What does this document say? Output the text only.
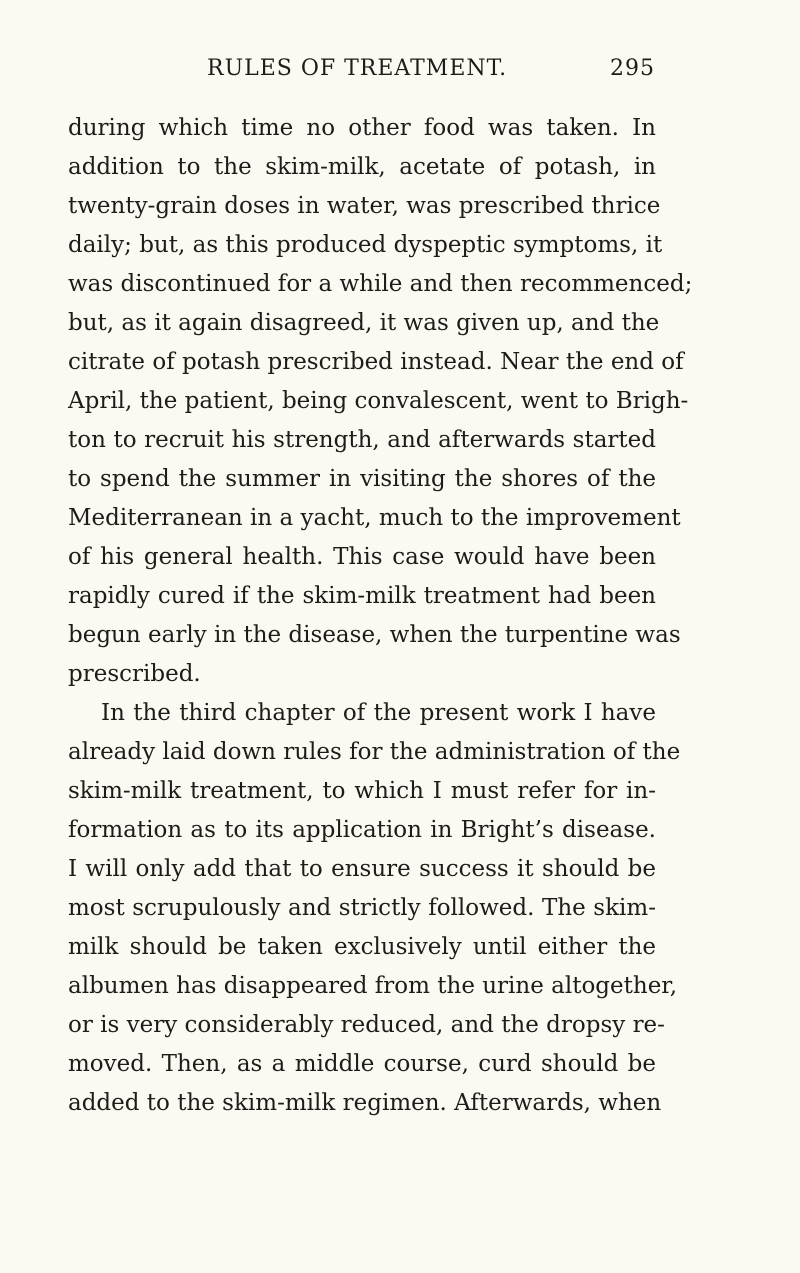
RULES OF TREATMENT.	295
during which time no other food was taken. In
addition to the skim-milk, acetate of potash, in
twenty-grain doses in water, was prescribed thrice
daily; but, as this produced dyspeptic symptoms, it
was discontinued for a while and then recommenced;
but, as it again disagreed, it was given up, and the
citrate of potash prescribed instead. Near the end of
April, the patient, being convalescent, went to Brigh-
ton to recruit his strength, and afterwards started
to spend the summer in visiting the shores of the
Mediterranean in a yacht, much to the improvement
of his general health. This case would have been
rapidly cured if the skim-milk treatment had been
begun early in the disease, when the turpentine was
prescribed.
In the third chapter of the present work I have
already laid down rules for the administration of the
skim-milk treatment, to which I must refer for in-
formation as to its application in Bright’s disease.
I will only add that to ensure success it should be
most scrupulously and strictly followed. The skim-
milk should be taken exclusively until either the
albumen has disappeared from the urine altogether,
or is very considerably reduced, and the dropsy re-
moved. Then, as a middle course, curd should be
added to the skim-milk regimen. Afterwards, when
